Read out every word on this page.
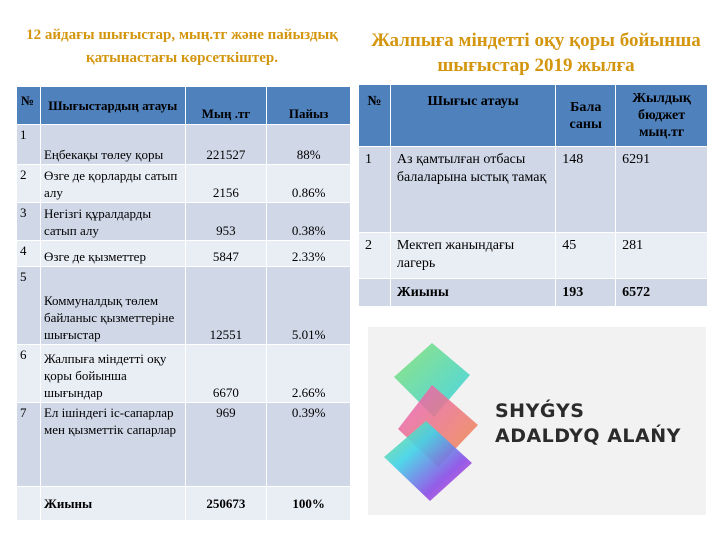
12 айдағы шығыстар, мың.тг және пайыздық қатынастағы көрсеткіштер.
Жалпыға міндетті оқу қоры бойынша шығыстар 2019 жылға
№	Шығыстардың атауы	Мың .тг	Пайыз
1	Еңбекақы төлеу қоры	221527	88%
2	Өзге де қорларды сатып алу	2156	0.86%
3	Негізгі құралдарды сатып алу	953	0.38%
4	Өзге де қызметтер	5847	2.33%
5	Коммуналдық төлем байланыс қызметтеріне шығыстар	12551	5.01%
6	Жалпыға міндетті оқу қоры бойынша шығындар	6670	2.66%
7	Ел ішіндегі іс-сапарлар мен қызметтік сапарлар	969	0.39%
	Жиыны	250673	100%
№	Шығыс атауы	Бала саны	Жылдық бюджет мың.тг
1	Аз қамтылған отбасы балаларына ыстық тамақ	148	6291
2	Мектеп жанындағы лагерь	45	281
	Жиыны	193	6572
SHYǴYS
ADALDYQ ALAŃY
